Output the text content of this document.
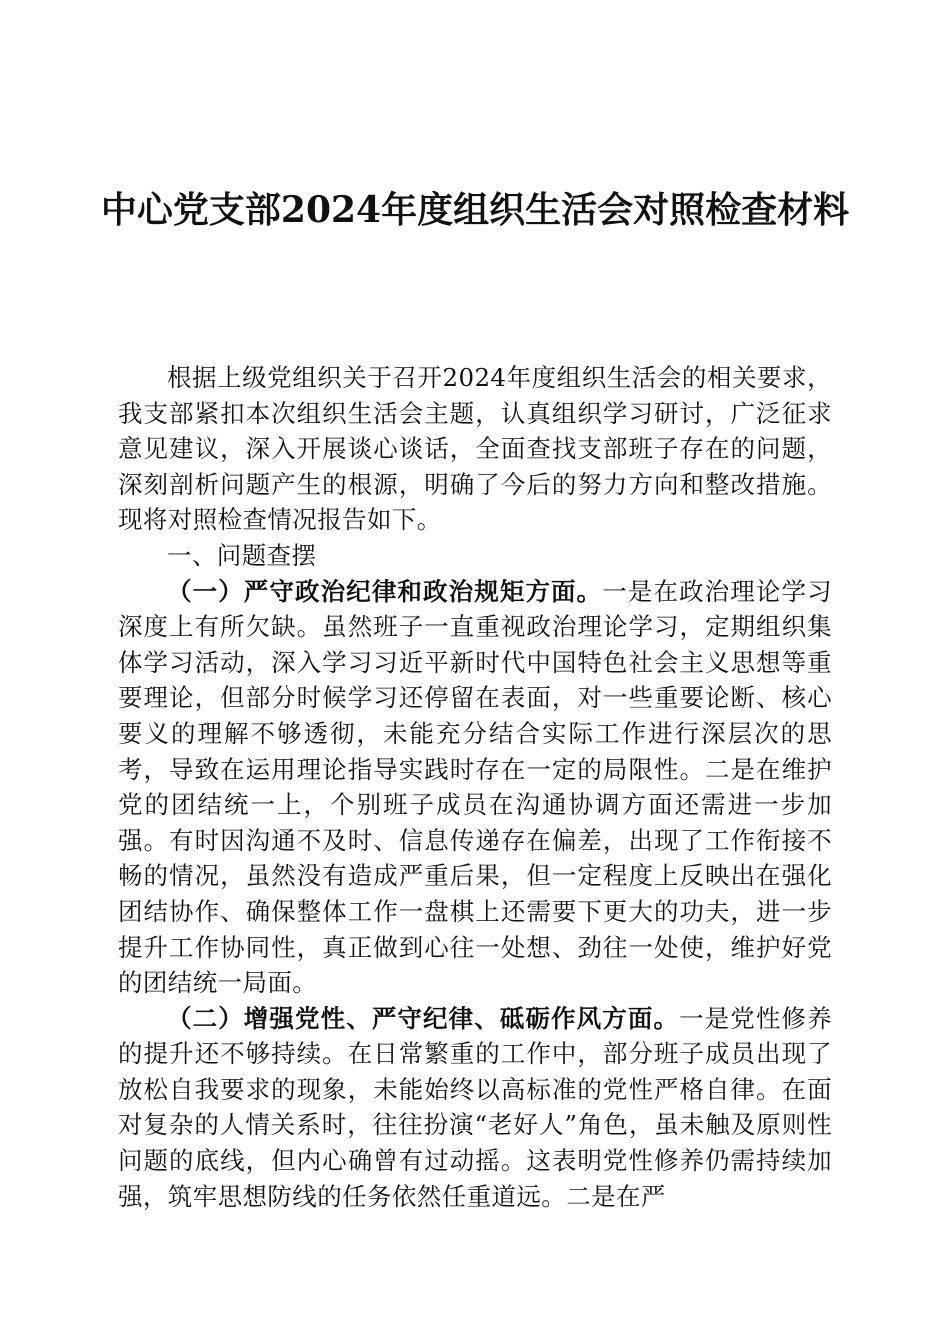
中心党支部2024年度组织生活会对照检查材料

根据上级党组织关于召开2024年度组织生活会的相关要求，我支部紧扣本次组织生活会主题，认真组织学习研讨，广泛征求意见建议，深入开展谈心谈话，全面查找支部班子存在的问题，深刻剖析问题产生的根源，明确了今后的努力方向和整改措施。现将对照检查情况报告如下。

一、问题查摆

（一）严守政治纪律和政治规矩方面。一是在政治理论学习深度上有所欠缺。虽然班子一直重视政治理论学习，定期组织集体学习活动，深入学习习近平新时代中国特色社会主义思想等重要理论，但部分时候学习还停留在表面，对一些重要论断、核心要义的理解不够透彻，未能充分结合实际工作进行深层次的思考，导致在运用理论指导实践时存在一定的局限性。二是在维护党的团结统一上，个别班子成员在沟通协调方面还需进一步加强。有时因沟通不及时、信息传递存在偏差，出现了工作衔接不畅的情况，虽然没有造成严重后果，但一定程度上反映出在强化团结协作、确保整体工作一盘棋上还需要下更大的功夫，进一步提升工作协同性，真正做到心往一处想、劲往一处使，维护好党的团结统一局面。

（二）增强党性、严守纪律、砥砺作风方面。一是党性修养的提升还不够持续。在日常繁重的工作中，部分班子成员出现了放松自我要求的现象，未能始终以高标准的党性严格自律。在面对复杂的人情关系时，往往扮演“老好人”角色，虽未触及原则性问题的底线，但内心确曾有过动摇。这表明党性修养仍需持续加强，筑牢思想防线的任务依然任重道远。二是在严
